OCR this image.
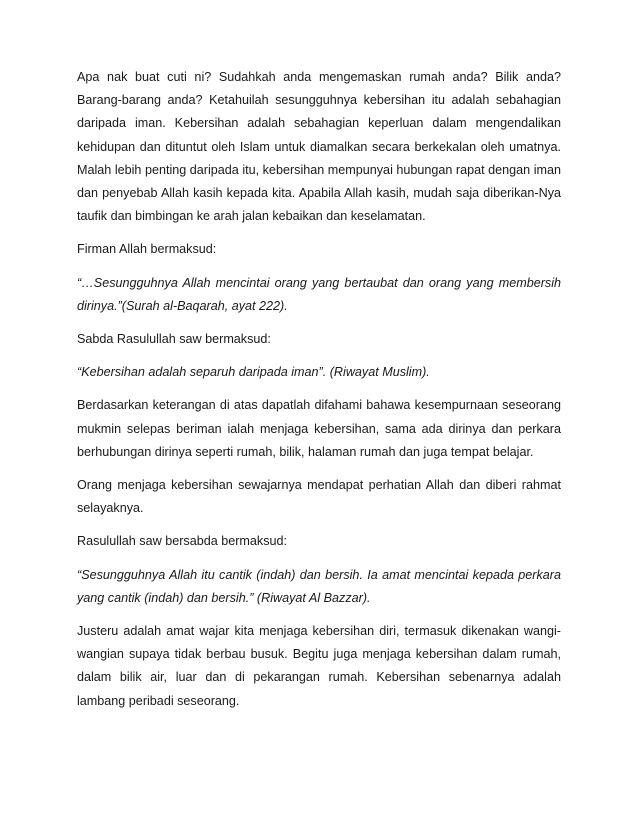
Apa nak buat cuti ni? Sudahkah anda mengemaskan rumah anda? Bilik anda? Barang-barang anda? Ketahuilah sesungguhnya kebersihan itu adalah sebahagian daripada iman. Kebersihan adalah sebahagian keperluan dalam mengendalikan kehidupan dan dituntut oleh Islam untuk diamalkan secara berkekalan oleh umatnya. Malah lebih penting daripada itu, kebersihan mempunyai hubungan rapat dengan iman dan penyebab Allah kasih kepada kita. Apabila Allah kasih, mudah saja diberikan-Nya taufik dan bimbingan ke arah jalan kebaikan dan keselamatan.

Firman Allah bermaksud:

“…Sesungguhnya Allah mencintai orang yang bertaubat dan orang yang membersih dirinya.”(Surah al-Baqarah, ayat 222).

Sabda Rasulullah saw bermaksud:

“Kebersihan adalah separuh daripada iman”. (Riwayat Muslim).

Berdasarkan keterangan di atas dapatlah difahami bahawa kesempurnaan seseorang mukmin selepas beriman ialah menjaga kebersihan, sama ada dirinya dan perkara berhubungan dirinya seperti rumah, bilik, halaman rumah dan juga tempat belajar.

Orang menjaga kebersihan sewajarnya mendapat perhatian Allah dan diberi rahmat selayaknya.

Rasulullah saw bersabda bermaksud:

“Sesungguhnya Allah itu cantik (indah) dan bersih. Ia amat mencintai kepada perkara yang cantik (indah) dan bersih.” (Riwayat Al Bazzar).

Justeru adalah amat wajar kita menjaga kebersihan diri, termasuk dikenakan wangi-wangian supaya tidak berbau busuk. Begitu juga menjaga kebersihan dalam rumah, dalam bilik air, luar dan di pekarangan rumah. Kebersihan sebenarnya adalah lambang peribadi seseorang.
